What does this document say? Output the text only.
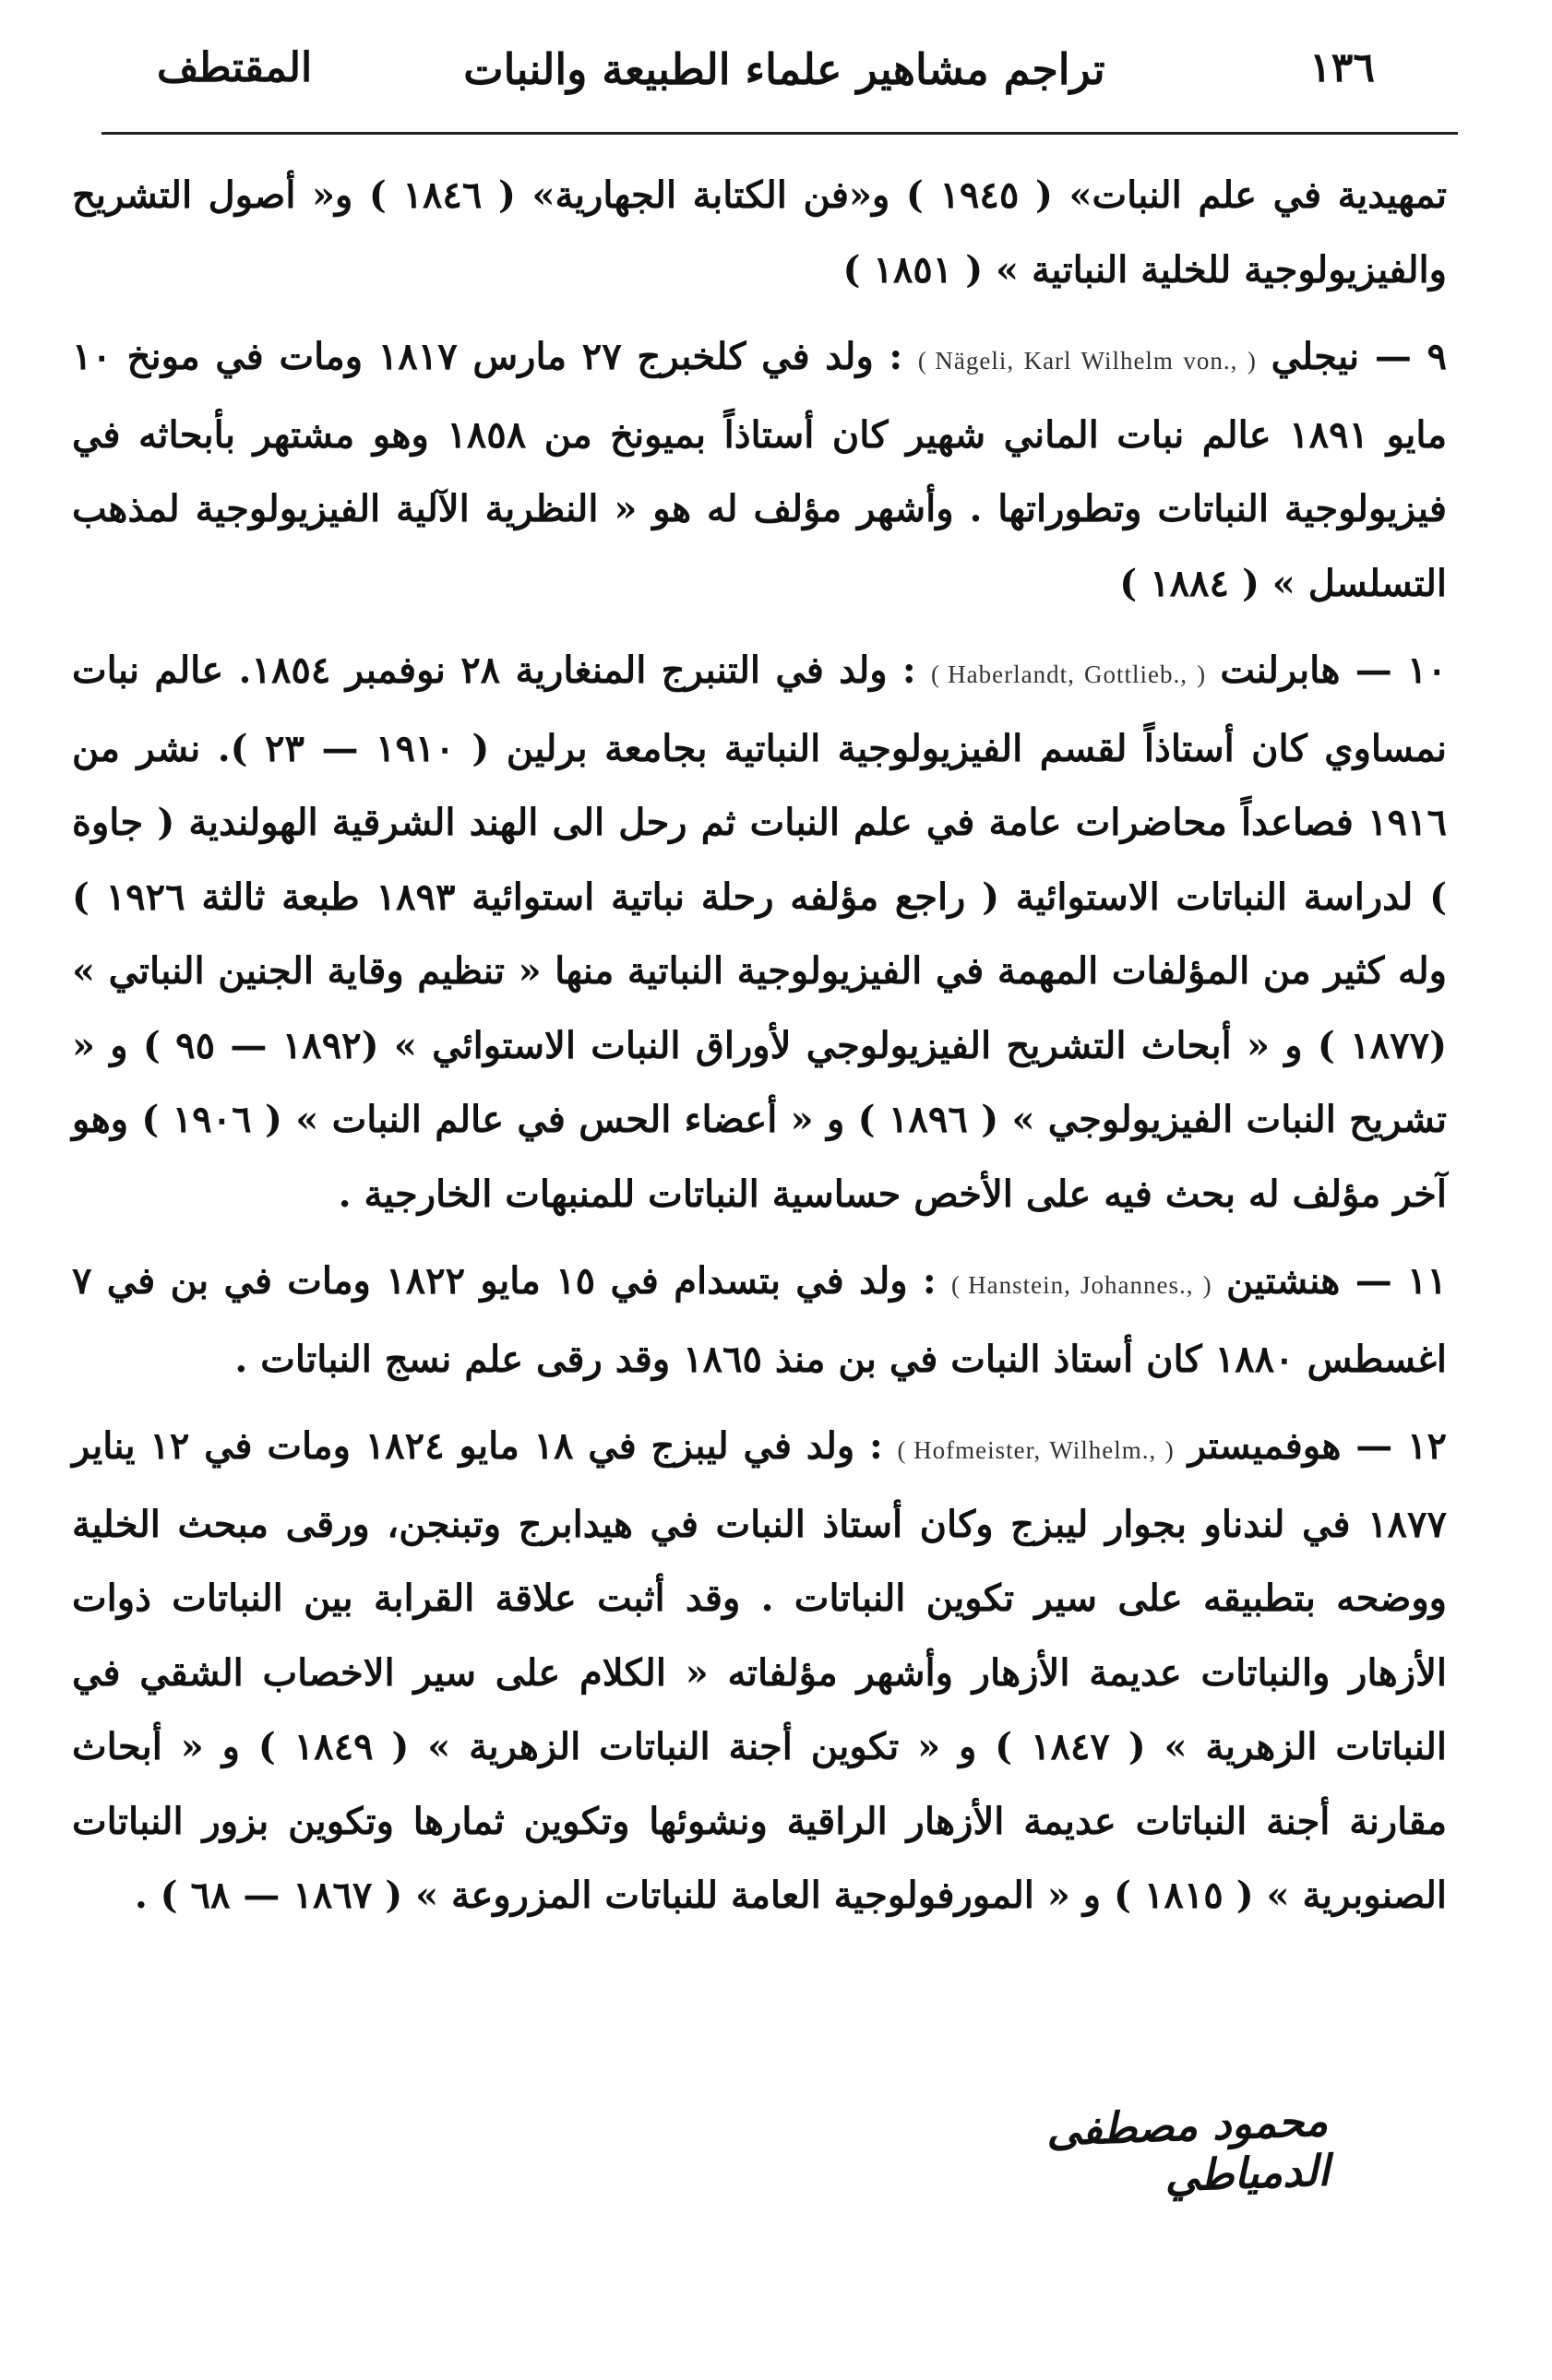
١٣٦
تراجم مشاهير علماء الطبيعة والنبات
المقتطف

تمهيدية في علم النبات» ( ١٩٤٥ ) و«فن الكتابة الجهارية» ( ١٨٤٦ ) و« أصول التشريح والفيزيولوجية للخلية النباتية » ( ١٨٥١ )

٩ — نيجلي ( Nägeli, Karl Wilhelm von., ) : ولد في كلخبرج ٢٧ مارس ١٨١٧ ومات في مونخ ١٠ مايو ١٨٩١ عالم نبات الماني شهير كان أستاذاً بميونخ من ١٨٥٨ وهو مشتهر بأبحاثه في فيزيولوجية النباتات وتطوراتها . وأشهر مؤلف له هو « النظرية الآلية الفيزيولوجية لمذهب التسلسل » ( ١٨٨٤ )

١٠ — هابرلنت ( Haberlandt, Gottlieb., ) : ولد في التنبرج المنغارية ٢٨ نوفمبر ١٨٥٤. عالم نبات نمساوي كان أستاذاً لقسم الفيزيولوجية النباتية بجامعة برلين ( ١٩١٠ — ٢٣ ). نشر من ١٩١٦ فصاعداً محاضرات عامة في علم النبات ثم رحل الى الهند الشرقية الهولندية ( جاوة ) لدراسة النباتات الاستوائية ( راجع مؤلفه رحلة نباتية استوائية ١٨٩٣ طبعة ثالثة ١٩٢٦ ) وله كثير من المؤلفات المهمة في الفيزيولوجية النباتية منها « تنظيم وقاية الجنين النباتي » (١٨٧٧ ) و « أبحاث التشريح الفيزيولوجي لأوراق النبات الاستوائي » (١٨٩٢ — ٩٥ ) و « تشريح النبات الفيزيولوجي » ( ١٨٩٦ ) و « أعضاء الحس في عالم النبات » ( ١٩٠٦ ) وهو آخر مؤلف له بحث فيه على الأخص حساسية النباتات للمنبهات الخارجية .

١١ — هنشتين ( Hanstein, Johannes., ) : ولد في بتسدام في ١٥ مايو ١٨٢٢ ومات في بن في ٧ اغسطس ١٨٨٠ كان أستاذ النبات في بن منذ ١٨٦٥ وقد رقى علم نسج النباتات .

١٢ — هوفميستر ( Hofmeister, Wilhelm., ) : ولد في ليبزج في ١٨ مايو ١٨٢٤ ومات في ١٢ يناير ١٨٧٧ في لندناو بجوار ليبزج وكان أستاذ النبات في هيدابرج وتبنجن، ورقى مبحث الخلية ووضحه بتطبيقه على سير تكوين النباتات . وقد أثبت علاقة القرابة بين النباتات ذوات الأزهار والنباتات عديمة الأزهار وأشهر مؤلفاته « الكلام على سير الاخصاب الشقي في النباتات الزهرية » ( ١٨٤٧ ) و « تكوين أجنة النباتات الزهرية » ( ١٨٤٩ ) و « أبحاث مقارنة أجنة النباتات عديمة الأزهار الراقية ونشوئها وتكوين ثمارها وتكوين بزور النباتات الصنوبرية » ( ١٨١٥ ) و « المورفولوجية العامة للنباتات المزروعة » ( ١٨٦٧ — ٦٨ ) .

محمود مصطفى الدمياطي
